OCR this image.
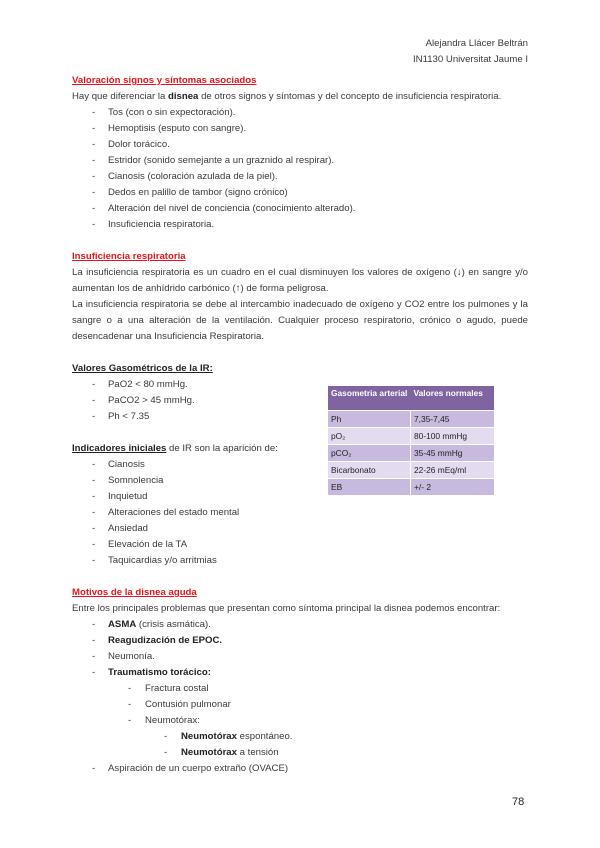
Alejandra Llácer Beltrán
IN1130 Universitat Jaume I
Valoración signos y síntomas asociados

Hay que diferenciar la disnea de otros signos y síntomas y del concepto de insuficiencia respiratoria.

- Tos (con o sin expectoración).
- Hemoptisis (esputo con sangre).
- Dolor torácico.
- Estridor (sonido semejante a un graznido al respirar).
- Cianosis (coloración azulada de la piel).
- Dedos en palillo de tambor (signo crónico)
- Alteración del nivel de conciencia (conocimiento alterado).
- Insuficiencia respiratoria.
Insuficiencia respiratoria

La insuficiencia respiratoria es un cuadro en el cual disminuyen los valores de oxígeno (↓) en sangre y/o aumentan los de anhídrido carbónico (↑) de forma peligrosa.

La insuficiencia respiratoria se debe al intercambio inadecuado de oxígeno y CO2 entre los pulmones y la sangre o a una alteración de la ventilación. Cualquier proceso respiratorio, crónico o agudo, puede desencadenar una Insuficiencia Respiratoria.

Valores Gasométricos de la IR:
- PaO2 < 80 mmHg.
- PaCO2 > 45 mmHg.
- Ph < 7.35

Indicadores iniciales de IR son la aparición de:

- Cianosis
- Somnolencia
- Inquietud
- Alteraciones del estado mental
- Ansiedad
- Elevación de la TA
- Taquicardias y/o arritmias
Motivos de la disnea aguda

Entre los principales problemas que presentan como síntoma principal la disnea podemos encontrar:

- ASMA (crisis asmática).
- Reagudización de EPOC.
- Neumonía.
- Traumatismo torácico:
- Fractura costal
- Contusión pulmonar
- Neumotórax:
- Neumotórax espontáneo.
- Neumotórax a tensión
- Aspiración de un cuerpo extraño (OVACE)
Gasometria arterial	Valores normales
Ph	7,35-7,45
pO₂	80-100 mmHg
pCO₂	35-45 mmHg
Bicarbonato	22-26 mEq/ml
EB	+/- 2
78
